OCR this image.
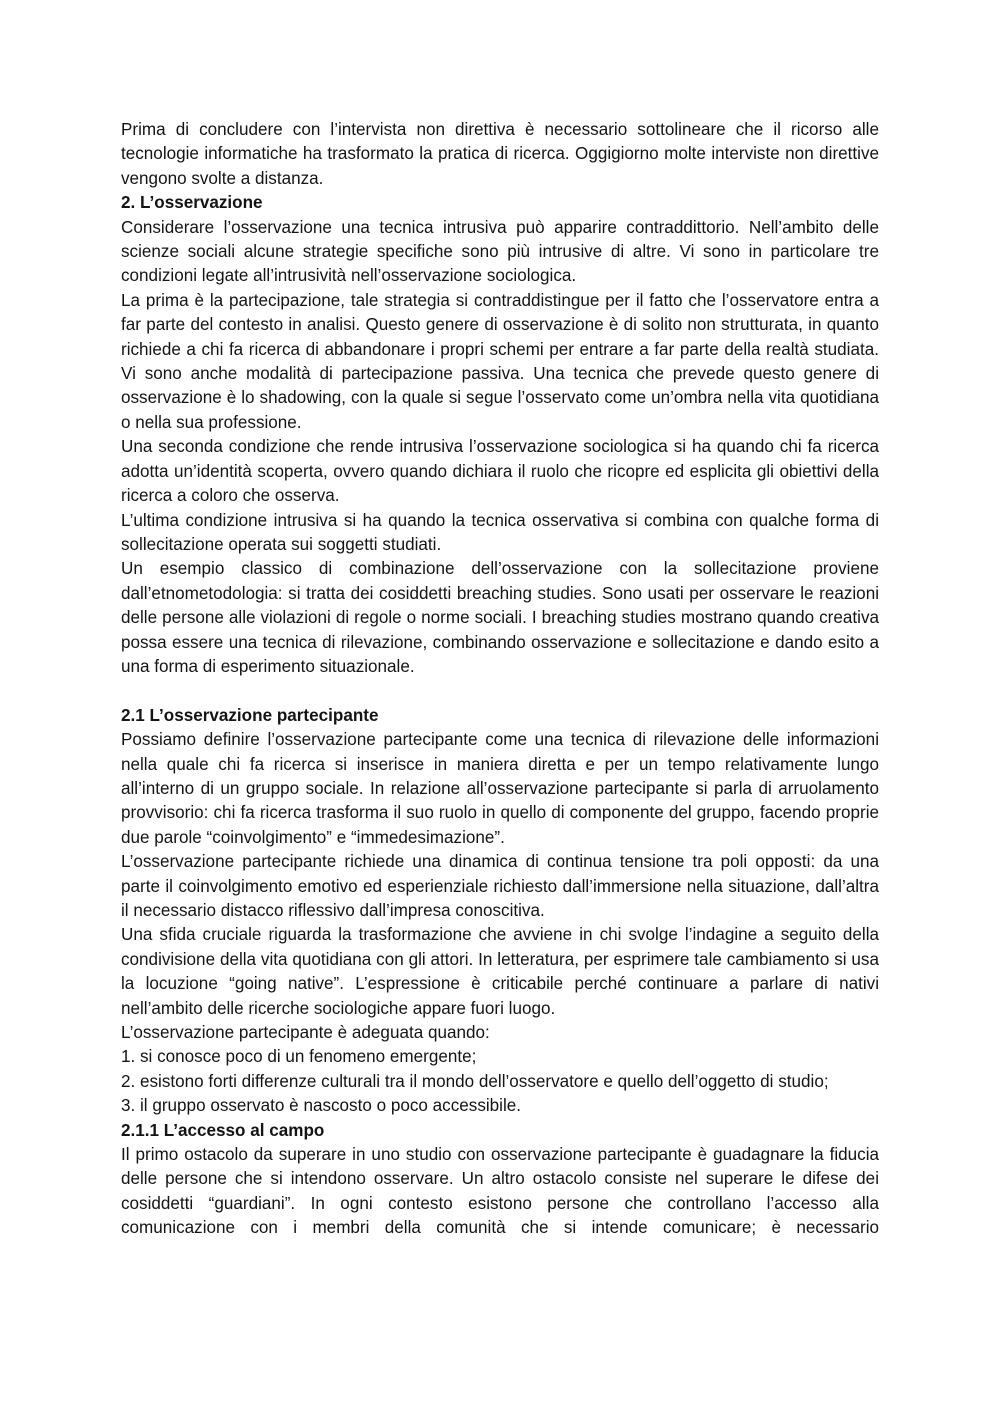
Prima di concludere con l’intervista non direttiva è necessario sottolineare che il ricorso alle tecnologie informatiche ha trasformato la pratica di ricerca. Oggigiorno molte interviste non direttive vengono svolte a distanza.

2. L’osservazione

Considerare l’osservazione una tecnica intrusiva può apparire contraddittorio. Nell’ambito delle scienze sociali alcune strategie specifiche sono più intrusive di altre. Vi sono in particolare tre condizioni legate all’intrusività nell’osservazione sociologica.

La prima è la partecipazione, tale strategia si contraddistingue per il fatto che l’osservatore entra a far parte del contesto in analisi. Questo genere di osservazione è di solito non strutturata, in quanto richiede a chi fa ricerca di abbandonare i propri schemi per entrare a far parte della realtà studiata. Vi sono anche modalità di partecipazione passiva. Una tecnica che prevede questo genere di osservazione è lo shadowing, con la quale si segue l’osservato come un’ombra nella vita quotidiana o nella sua professione.

Una seconda condizione che rende intrusiva l’osservazione sociologica si ha quando chi fa ricerca adotta un’identità scoperta, ovvero quando dichiara il ruolo che ricopre ed esplicita gli obiettivi della ricerca a coloro che osserva.

L’ultima condizione intrusiva si ha quando la tecnica osservativa si combina con qualche forma di sollecitazione operata sui soggetti studiati.

Un esempio classico di combinazione dell’osservazione con la sollecitazione proviene dall’etnometodologia: si tratta dei cosiddetti breaching studies. Sono usati per osservare le reazioni delle persone alle violazioni di regole o norme sociali. I breaching studies mostrano quando creativa possa essere una tecnica di rilevazione, combinando osservazione e sollecitazione e dando esito a una forma di esperimento situazionale.

2.1 L’osservazione partecipante

Possiamo definire l’osservazione partecipante come una tecnica di rilevazione delle informazioni nella quale chi fa ricerca si inserisce in maniera diretta e per un tempo relativamente lungo all’interno di un gruppo sociale. In relazione all’osservazione partecipante si parla di arruolamento provvisorio: chi fa ricerca trasforma il suo ruolo in quello di componente del gruppo, facendo proprie due parole “coinvolgimento” e “immedesimazione”.

L’osservazione partecipante richiede una dinamica di continua tensione tra poli opposti: da una parte il coinvolgimento emotivo ed esperienziale richiesto dall’immersione nella situazione, dall’altra il necessario distacco riflessivo dall’impresa conoscitiva.

Una sfida cruciale riguarda la trasformazione che avviene in chi svolge l’indagine a seguito della condivisione della vita quotidiana con gli attori. In letteratura, per esprimere tale cambiamento si usa la locuzione “going native”. L’espressione è criticabile perché continuare a parlare di nativi nell’ambito delle ricerche sociologiche appare fuori luogo.

L’osservazione partecipante è adeguata quando:

1. si conosce poco di un fenomeno emergente;

2. esistono forti differenze culturali tra il mondo dell’osservatore e quello dell’oggetto di studio;

3. il gruppo osservato è nascosto o poco accessibile.

2.1.1 L’accesso al campo

Il primo ostacolo da superare in uno studio con osservazione partecipante è guadagnare la fiducia delle persone che si intendono osservare. Un altro ostacolo consiste nel superare le difese dei cosiddetti “guardiani”. In ogni contesto esistono persone che controllano l’accesso alla comunicazione con i membri della comunità che si intende comunicare; è necessario
